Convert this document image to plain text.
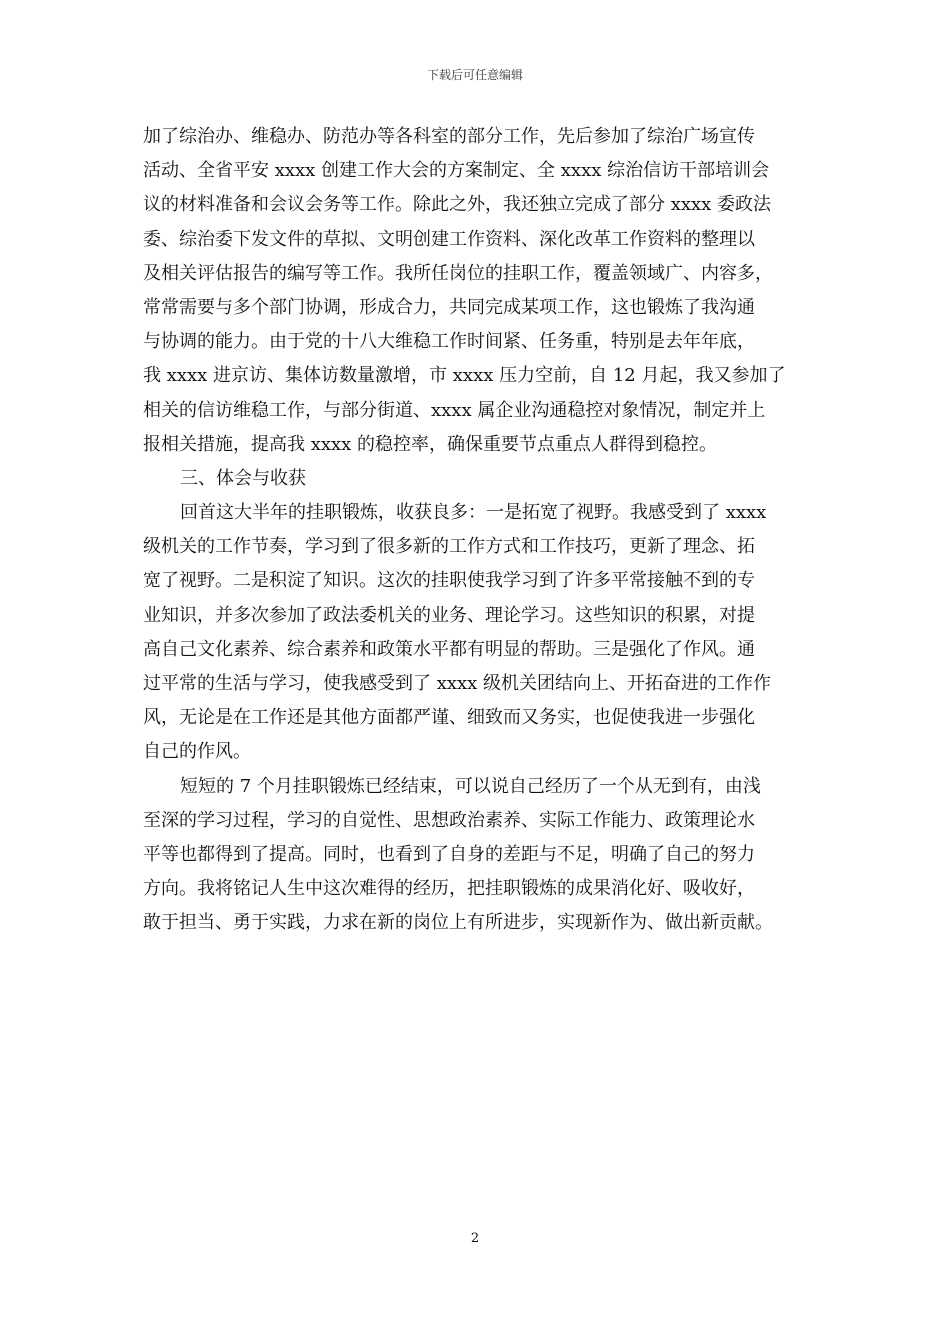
下载后可任意编辑
加了综治办、维稳办、防范办等各科室的部分工作，先后参加了综治广场宣传
活动、全省平安 xxxx 创建工作大会的方案制定、全 xxxx 综治信访干部培训会
议的材料准备和会议会务等工作。除此之外，我还独立完成了部分 xxxx 委政法
委、综治委下发文件的草拟、文明创建工作资料、深化改革工作资料的整理以
及相关评估报告的编写等工作。我所任岗位的挂职工作，覆盖领域广、内容多，
常常需要与多个部门协调，形成合力，共同完成某项工作，这也锻炼了我沟通
与协调的能力。由于党的十八大维稳工作时间紧、任务重，特别是去年年底，
我 xxxx 进京访、集体访数量激增，市 xxxx 压力空前，自 12 月起，我又参加了
相关的信访维稳工作，与部分街道、xxxx 属企业沟通稳控对象情况，制定并上
报相关措施，提高我 xxxx 的稳控率，确保重要节点重点人群得到稳控。
三、体会与收获
回首这大半年的挂职锻炼，收获良多：一是拓宽了视野。我感受到了 xxxx
级机关的工作节奏，学习到了很多新的工作方式和工作技巧，更新了理念、拓
宽了视野。二是积淀了知识。这次的挂职使我学习到了许多平常接触不到的专
业知识，并多次参加了政法委机关的业务、理论学习。这些知识的积累，对提
高自己文化素养、综合素养和政策水平都有明显的帮助。三是强化了作风。通
过平常的生活与学习，使我感受到了 xxxx 级机关团结向上、开拓奋进的工作作
风，无论是在工作还是其他方面都严谨、细致而又务实，也促使我进一步强化
自己的作风。
短短的 7 个月挂职锻炼已经结束，可以说自己经历了一个从无到有，由浅
至深的学习过程，学习的自觉性、思想政治素养、实际工作能力、政策理论水
平等也都得到了提高。同时，也看到了自身的差距与不足，明确了自己的努力
方向。我将铭记人生中这次难得的经历，把挂职锻炼的成果消化好、吸收好，
敢于担当、勇于实践，力求在新的岗位上有所进步，实现新作为、做出新贡献。
2
